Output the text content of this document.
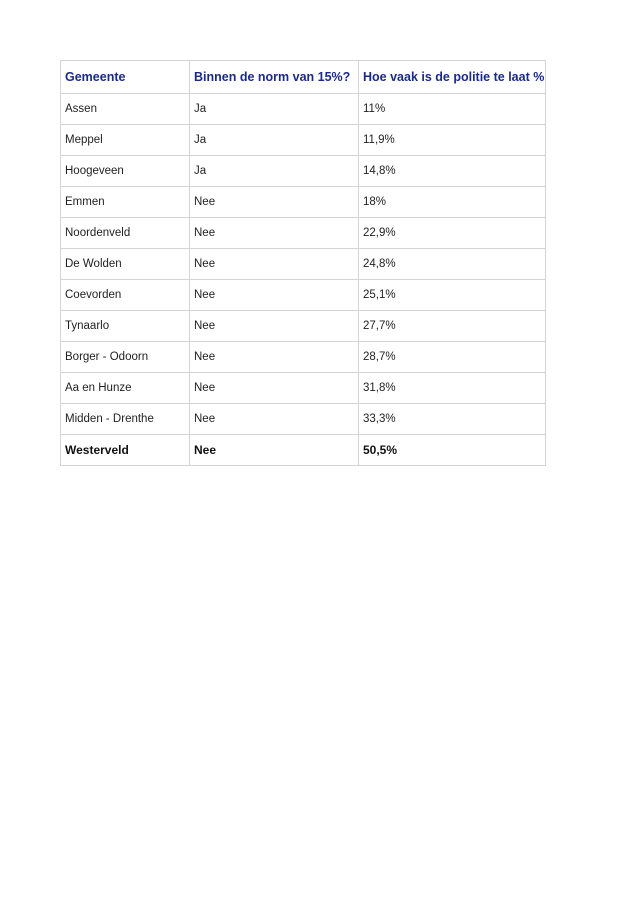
Gemeente	Binnen de norm van 15%?	Hoe vaak is de politie te laat %
Assen	Ja	11%
Meppel	Ja	11,9%
Hoogeveen	Ja	14,8%
Emmen	Nee	18%
Noordenveld	Nee	22,9%
De Wolden	Nee	24,8%
Coevorden	Nee	25,1%
Tynaarlo	Nee	27,7%
Borger - Odoorn	Nee	28,7%
Aa en Hunze	Nee	31,8%
Midden - Drenthe	Nee	33,3%
Westerveld	Nee	50,5%
